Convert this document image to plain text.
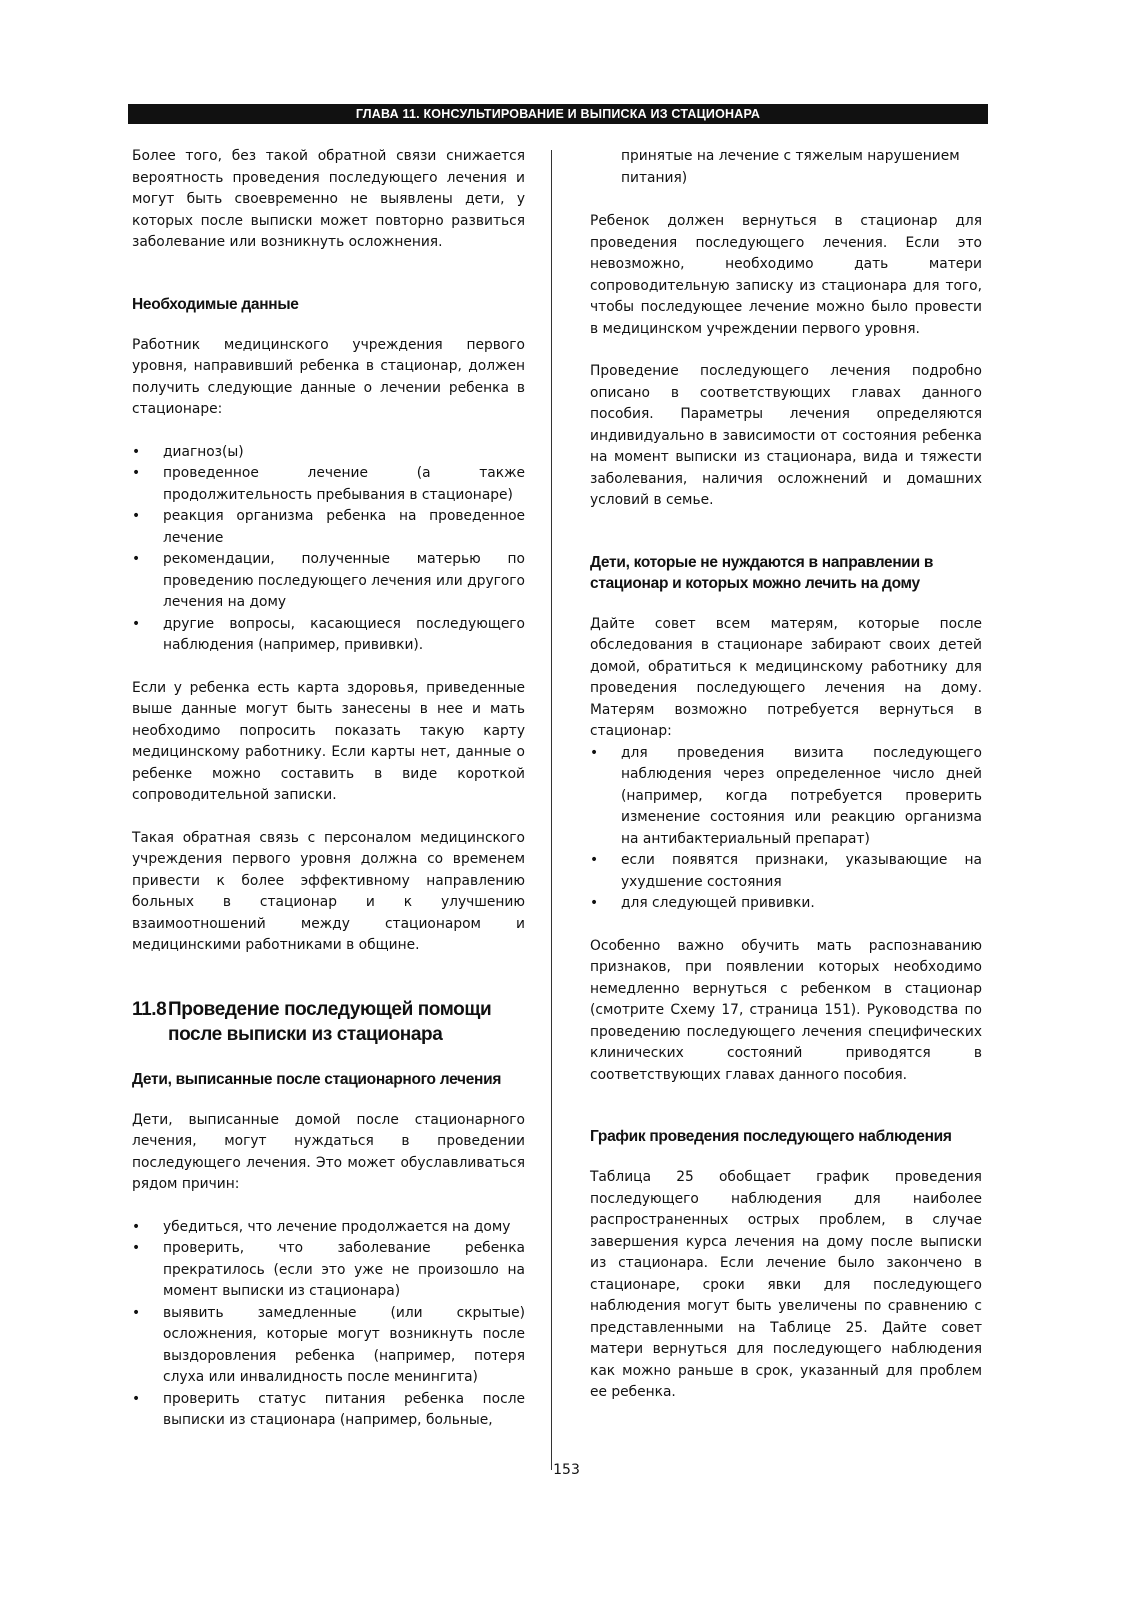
ГЛАВА 11. КОНСУЛЬТИРОВАНИЕ И ВЫПИСКА ИЗ СТАЦИОНАРА

Более того, без такой обратной связи снижается вероятность проведения последующего лечения и могут быть своевременно не выявлены дети, у которых после выписки может повторно развиться заболевание или возникнуть осложнения.

Необходимые данные

Работник медицинского учреждения первого уровня, направивший ребенка в стационар, должен получить следующие данные о лечении ребенка в стационаре:

• диагноз(ы)
• проведенное лечение (а также продолжительность пребывания в стационаре)
• реакция организма ребенка на проведенное лечение
• рекомендации, полученные матерью по проведению последующего лечения или другого лечения на дому
• другие вопросы, касающиеся последующего наблюдения (например, прививки).

Если у ребенка есть карта здоровья, приведенные выше данные могут быть занесены в нее и мать необходимо попросить показать такую карту медицинскому работнику. Если карты нет, данные о ребенке можно составить в виде короткой сопроводительной записки.

Такая обратная связь с персоналом медицинского учреждения первого уровня должна со временем привести к более эффективному направлению больных в стационар и к улучшению взаимоотношений между стационаром и медицинскими работниками в общине.

11.8Проведение последующей помощи
после выписки из стационара
Дети, выписанные после стационарного лечения

Дети, выписанные домой после стационарного лечения, могут нуждаться в проведении последующего лечения. Это может обуславливаться рядом причин:

• убедиться, что лечение продолжается на дому
• проверить, что заболевание ребенка прекратилось (если это уже не произошло на момент выписки из стационара)
• выявить замедленные (или скрытые) осложнения, которые могут возникнуть после выздоровления ребенка (например, потеря слуха или инвалидность после менингита)
• проверить статус питания ребенка после выписки из стационара (например, больные,
принятые на лечение с тяжелым нарушением питания)

Ребенок должен вернуться в стационар для проведения последующего лечения. Если это невозможно, необходимо дать матери сопроводительную записку из стационара для того, чтобы последующее лечение можно было провести в медицинском учреждении первого уровня.

Проведение последующего лечения подробно описано в соответствующих главах данного пособия. Параметры лечения определяются индивидуально в зависимости от состояния ребенка на момент выписки из стационара, вида и тяжести заболевания, наличия осложнений и домашних условий в семье.

Дети, которые не нуждаются в направлении в стационар и которых можно лечить на дому

Дайте совет всем матерям, которые после обследования в стационаре забирают своих детей домой, обратиться к медицинскому работнику для проведения последующего лечения на дому. Матерям возможно потребуется вернуться в стационар:

• для проведения визита последующего наблюдения через определенное число дней (например, когда потребуется проверить изменение состояния или реакцию организма на антибактериальный препарат)
• если появятся признаки, указывающие на ухудшение состояния
• для следующей прививки.

Особенно важно обучить мать распознаванию признаков, при появлении которых необходимо немедленно вернуться с ребенком в стационар (смотрите Схему 17, страница 151). Руководства по проведению последующего лечения специфических клинических состояний приводятся в соответствующих главах данного пособия.

График проведения последующего наблюдения

Таблица 25 обобщает график проведения последующего наблюдения для наиболее распространенных острых проблем, в случае завершения курса лечения на дому после выписки из стационара. Если лечение было закончено в стационаре, сроки явки для последующего наблюдения могут быть увеличены по сравнению с представленными на Таблице 25. Дайте совет матери вернуться для последующего наблюдения как можно раньше в срок, указанный для проблем ее ребенка.

153
